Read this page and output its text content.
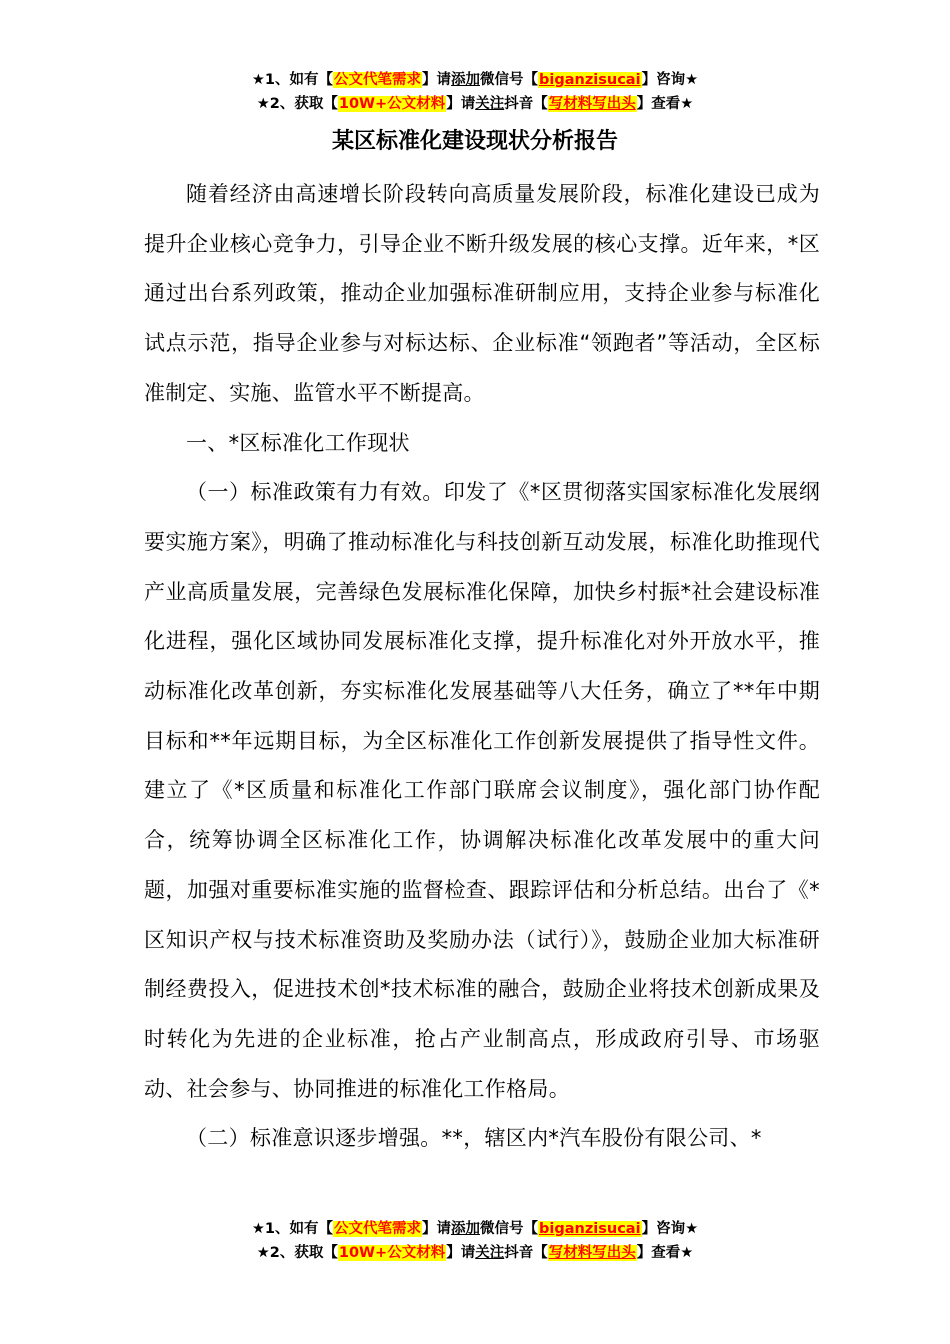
★1、如有【公文代笔需求】请添加微信号【biganzisucai】咨询★
★2、获取【10W+公文材料】请关注抖音【写材料写出头】查看★
某区标准化建设现状分析报告

随着经济由高速增长阶段转向高质量发展阶段，标准化建设已成为提升企业核心竞争力，引导企业不断升级发展的核心支撑。近年来，*区通过出台系列政策，推动企业加强标准研制应用，支持企业参与标准化试点示范，指导企业参与对标达标、企业标准“领跑者”等活动，全区标准制定、实施、监管水平不断提高。

一、*区标准化工作现状

（一）标准政策有力有效。印发了《*区贯彻落实国家标准化发展纲要实施方案》，明确了推动标准化与科技创新互动发展，标准化助推现代产业高质量发展，完善绿色发展标准化保障，加快乡村振*社会建设标准化进程，强化区域协同发展标准化支撑，提升标准化对外开放水平，推动标准化改革创新，夯实标准化发展基础等八大任务，确立了**年中期目标和**年远期目标，为全区标准化工作创新发展提供了指导性文件。建立了《*区质量和标准化工作部门联席会议制度》，强化部门协作配合，统筹协调全区标准化工作，协调解决标准化改革发展中的重大问题，加强对重要标准实施的监督检查、跟踪评估和分析总结。出台了《*区知识产权与技术标准资助及奖励办法（试行）》，鼓励企业加大标准研制经费投入，促进技术创*技术标准的融合，鼓励企业将技术创新成果及时转化为先进的企业标准，抢占产业制高点，形成政府引导、市场驱动、社会参与、协同推进的标准化工作格局。

（二）标准意识逐步增强。**，辖区内*汽车股份有限公司、*

★1、如有【公文代笔需求】请添加微信号【biganzisucai】咨询★
★2、获取【10W+公文材料】请关注抖音【写材料写出头】查看★
